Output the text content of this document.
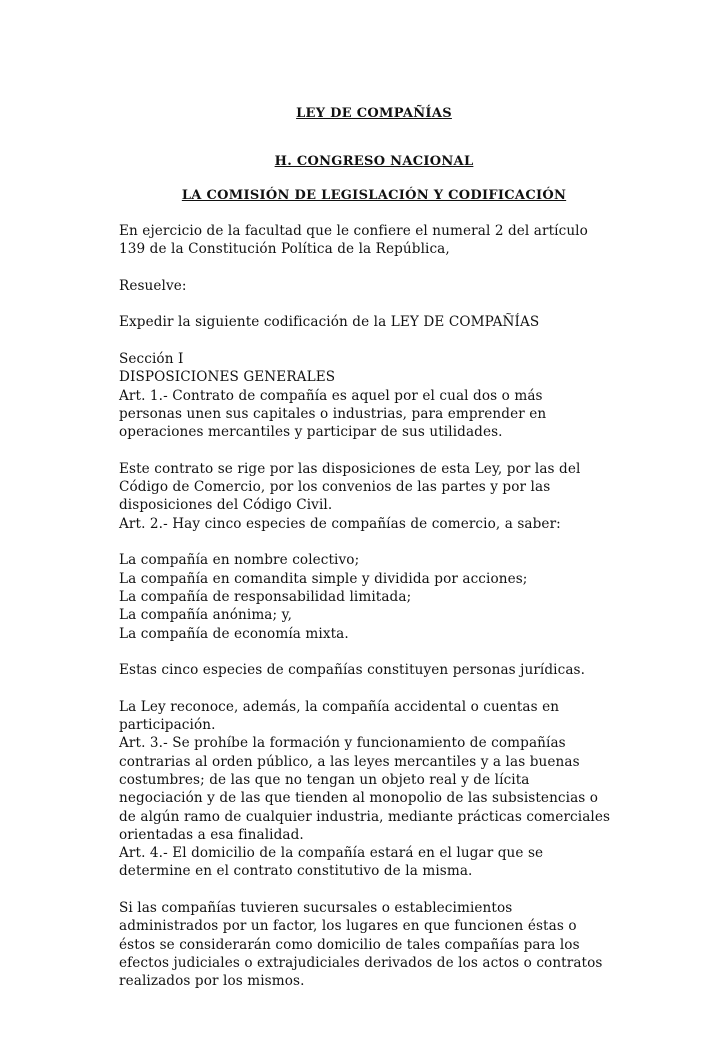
LEY DE COMPAÑÍAS
H. CONGRESO NACIONAL
LA COMISIÓN DE LEGISLACIÓN Y CODIFICACIÓN
En ejercicio de la facultad que le confiere el numeral 2 del artículo
139 de la Constitución Política de la República,
Resuelve:
Expedir la siguiente codificación de la LEY DE COMPAÑÍAS
Sección I
DISPOSICIONES GENERALES
Art. 1.- Contrato de compañía es aquel por el cual dos o más
personas unen sus capitales o industrias, para emprender en
operaciones mercantiles y participar de sus utilidades.
Este contrato se rige por las disposiciones de esta Ley, por las del
Código de Comercio, por los convenios de las partes y por las
disposiciones del Código Civil.
Art. 2.- Hay cinco especies de compañías de comercio, a saber:
La compañía en nombre colectivo;
La compañía en comandita simple y dividida por acciones;
La compañía de responsabilidad limitada;
La compañía anónima; y,
La compañía de economía mixta.
Estas cinco especies de compañías constituyen personas jurídicas.
La Ley reconoce, además, la compañía accidental o cuentas en
participación.
Art. 3.- Se prohíbe la formación y funcionamiento de compañías
contrarias al orden público, a las leyes mercantiles y a las buenas
costumbres; de las que no tengan un objeto real y de lícita
negociación y de las que tienden al monopolio de las subsistencias o
de algún ramo de cualquier industria, mediante prácticas comerciales
orientadas a esa finalidad.
Art. 4.- El domicilio de la compañía estará en el lugar que se
determine en el contrato constitutivo de la misma.
Si las compañías tuvieren sucursales o establecimientos
administrados por un factor, los lugares en que funcionen éstas o
éstos se considerarán como domicilio de tales compañías para los
efectos judiciales o extrajudiciales derivados de los actos o contratos
realizados por los mismos.
